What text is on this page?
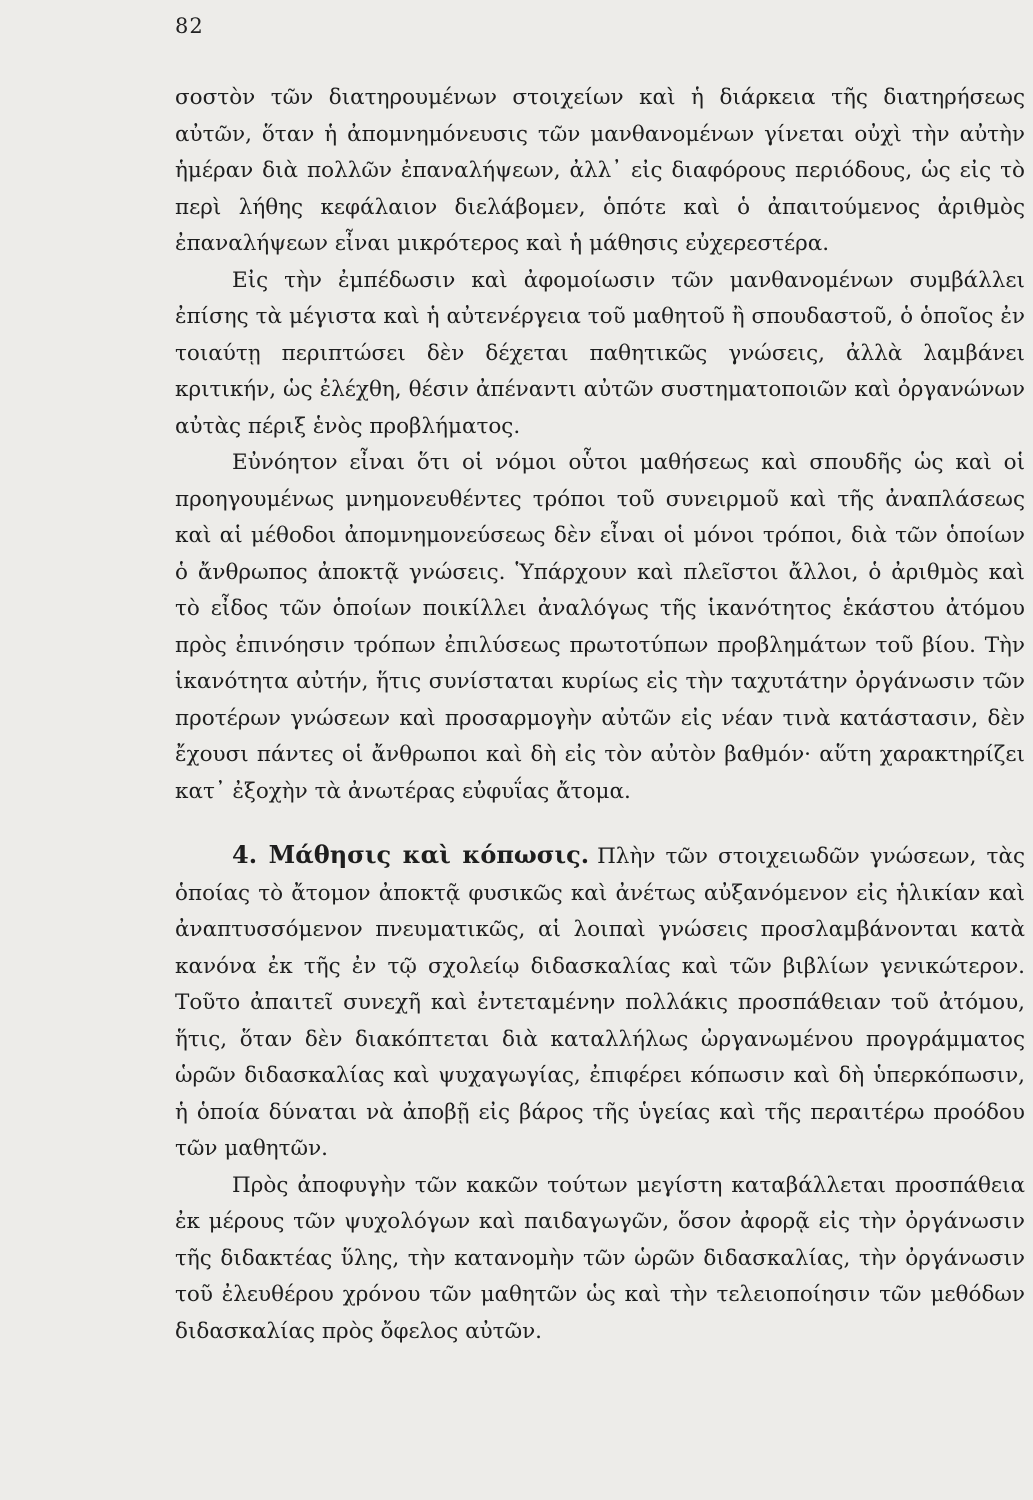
82

σοστὸν τῶν διατηρουμένων στοιχείων καὶ ἡ διάρκεια τῆς διατηρήσεως αὐτῶν, ὅταν ἡ ἀπομνημόνευσις τῶν μανθανομένων γίνεται οὐχὶ τὴν αὐτὴν ἡμέραν διὰ πολλῶν ἐπαναλήψεων, ἀλλ᾽ εἰς διαφόρους περιόδους, ὡς εἰς τὸ περὶ λήθης κεφάλαιον διελάβομεν, ὁπότε καὶ ὁ ἀπαιτούμενος ἀριθμὸς ἐπαναλήψεων εἶναι μικρότερος καὶ ἡ μάθησις εὐχερεστέρα.

Εἰς τὴν ἐμπέδωσιν καὶ ἀφομοίωσιν τῶν μανθανομένων συμβάλλει ἐπίσης τὰ μέγιστα καὶ ἡ αὐτενέργεια τοῦ μαθητοῦ ἢ σπουδαστοῦ, ὁ ὁποῖος ἐν τοιαύτῃ περιπτώσει δὲν δέχεται παθητικῶς γνώσεις, ἀλλὰ λαμβάνει κριτικήν, ὡς ἐλέχθη, θέσιν ἀπέναντι αὐτῶν συστηματοποιῶν καὶ ὀργανώνων αὐτὰς πέριξ ἑνὸς προβλήματος.

Εὐνόητον εἶναι ὅτι οἱ νόμοι οὗτοι μαθήσεως καὶ σπουδῆς ὡς καὶ οἱ προηγουμένως μνημονευθέντες τρόποι τοῦ συνειρμοῦ καὶ τῆς ἀναπλάσεως καὶ αἱ μέθοδοι ἀπομνημονεύσεως δὲν εἶναι οἱ μόνοι τρόποι, διὰ τῶν ὁποίων ὁ ἄνθρωπος ἀποκτᾷ γνώσεις. Ὑπάρχουν καὶ πλεῖστοι ἄλλοι, ὁ ἀριθμὸς καὶ τὸ εἶδος τῶν ὁποίων ποικίλλει ἀναλόγως τῆς ἱκανότητος ἑκάστου ἀτόμου πρὸς ἐπινόησιν τρόπων ἐπιλύσεως πρωτοτύπων προβλημάτων τοῦ βίου. Τὴν ἱκανότητα αὐτήν, ἥτις συνίσταται κυρίως εἰς τὴν ταχυτάτην ὀργάνωσιν τῶν προτέρων γνώσεων καὶ προσαρμογὴν αὐτῶν εἰς νέαν τινὰ κατάστασιν, δὲν ἔχουσι πάντες οἱ ἄνθρωποι καὶ δὴ εἰς τὸν αὐτὸν βαθμόν· αὕτη χαρακτηρίζει κατ᾽ ἐξοχὴν τὰ ἀνωτέρας εὐφυΐας ἄτομα.

4. Μάθησις καὶ κόπωσις. Πλὴν τῶν στοιχειωδῶν γνώσεων, τὰς ὁποίας τὸ ἄτομον ἀποκτᾷ φυσικῶς καὶ ἀνέτως αὐξανόμενον εἰς ἡλικίαν καὶ ἀναπτυσσόμενον πνευματικῶς, αἱ λοιπαὶ γνώσεις προσλαμβάνονται κατὰ κανόνα ἐκ τῆς ἐν τῷ σχολείῳ διδασκαλίας καὶ τῶν βιβλίων γενικώτερον. Τοῦτο ἀπαιτεῖ συνεχῆ καὶ ἐντεταμένην πολλάκις προσπάθειαν τοῦ ἀτόμου, ἥτις, ὅταν δὲν διακόπτεται διὰ καταλλήλως ὠργανωμένου προγράμματος ὡρῶν διδασκαλίας καὶ ψυχαγωγίας, ἐπιφέρει κόπωσιν καὶ δὴ ὑπερκόπωσιν, ἡ ὁποία δύναται νὰ ἀποβῇ εἰς βάρος τῆς ὑγείας καὶ τῆς περαιτέρω προόδου τῶν μαθητῶν.

Πρὸς ἀποφυγὴν τῶν κακῶν τούτων μεγίστη καταβάλλεται προσπάθεια ἐκ μέρους τῶν ψυχολόγων καὶ παιδαγωγῶν, ὅσον ἀφορᾷ εἰς τὴν ὀργάνωσιν τῆς διδακτέας ὕλης, τὴν κατανομὴν τῶν ὡρῶν διδασκαλίας, τὴν ὀργάνωσιν τοῦ ἐλευθέρου χρόνου τῶν μαθητῶν ὡς καὶ τὴν τελειοποίησιν τῶν μεθόδων διδασκαλίας πρὸς ὄφελος αὐτῶν.
